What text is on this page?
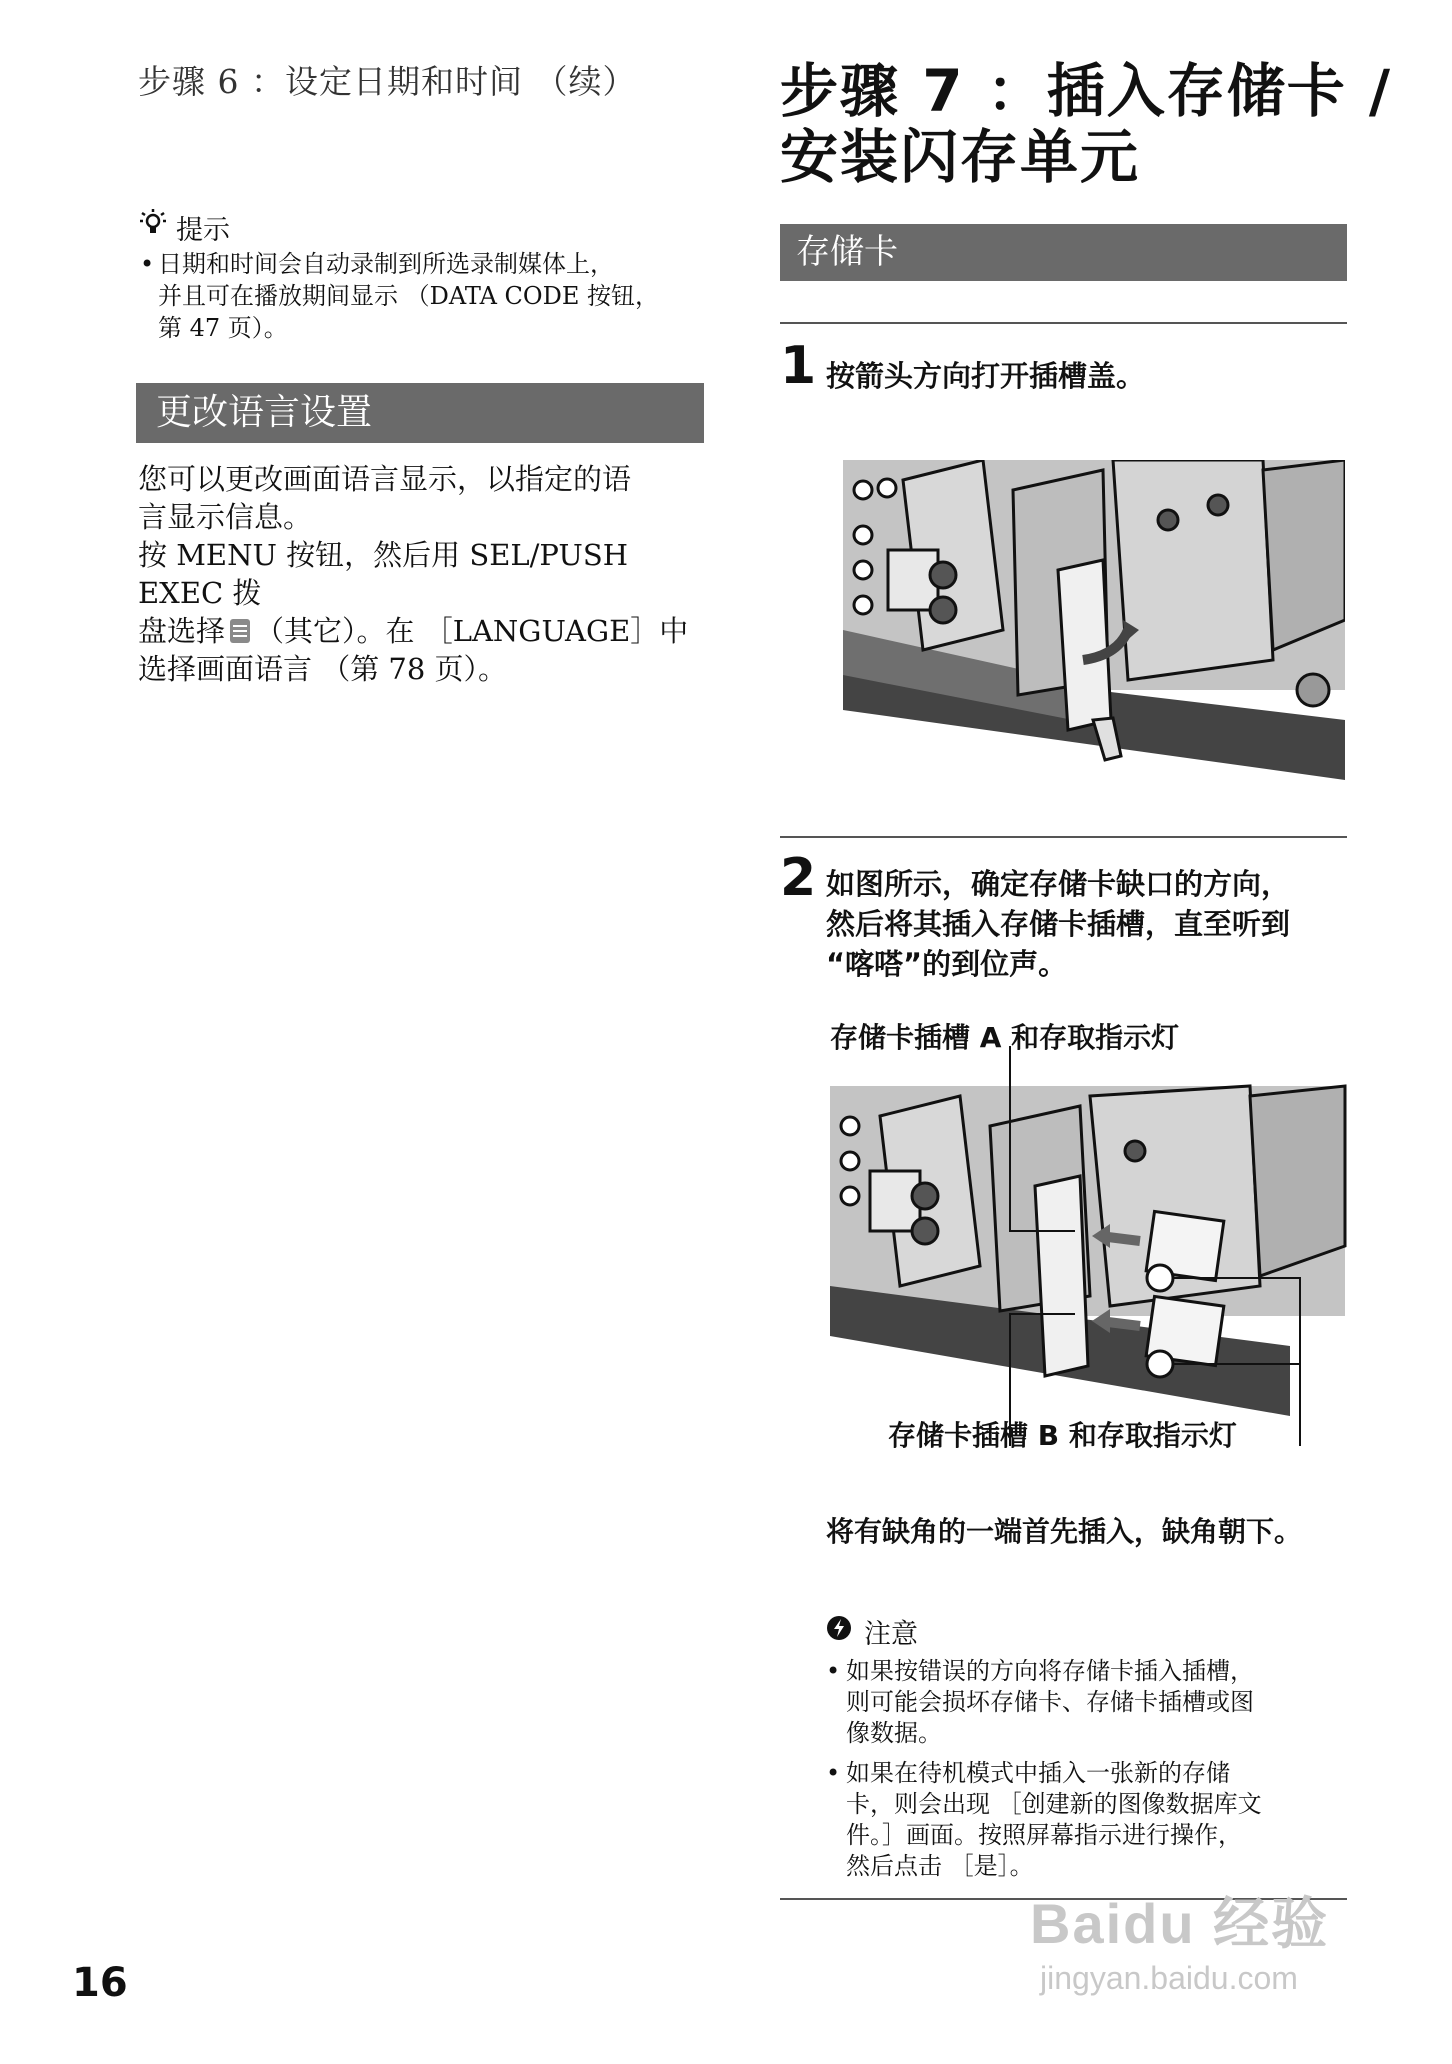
步骤 6 ：设定日期和时间 （续）
提示
• 日期和时间会自动录制到所选录制媒体上，
并且可在播放期间显示 （DATA CODE 按钮，
第 47 页）。
更改语言设置

您可以更改画面语言显示，以指定的语

言显示信息。

按 MENU 按钮，然后用 SEL/PUSH EXEC 拨

盘选择 （其它）。在 ［LANGUAGE］中

选择画面语言 （第 78 页）。

步骤 7 ：插入存储卡 /
安装闪存单元
存储卡
1 按箭头方向打开插槽盖。
2 如图所示，确定存储卡缺口的方向，
然后将其插入存储卡插槽，直至听到
“喀嗒”的到位声。
存储卡插槽 A 和存取指示灯
存储卡插槽 B 和存取指示灯
将有缺角的一端首先插入，缺角朝下。
注意
• 如果按错误的方向将存储卡插入插槽，
则可能会损坏存储卡、存储卡插槽或图
像数据。
• 如果在待机模式中插入一张新的存储
卡，则会出现 ［创建新的图像数据库文
件。］画面。按照屏幕指示进行操作，
然后点击 ［是］。
16
Baidu 经验
jingyan.baidu.com
